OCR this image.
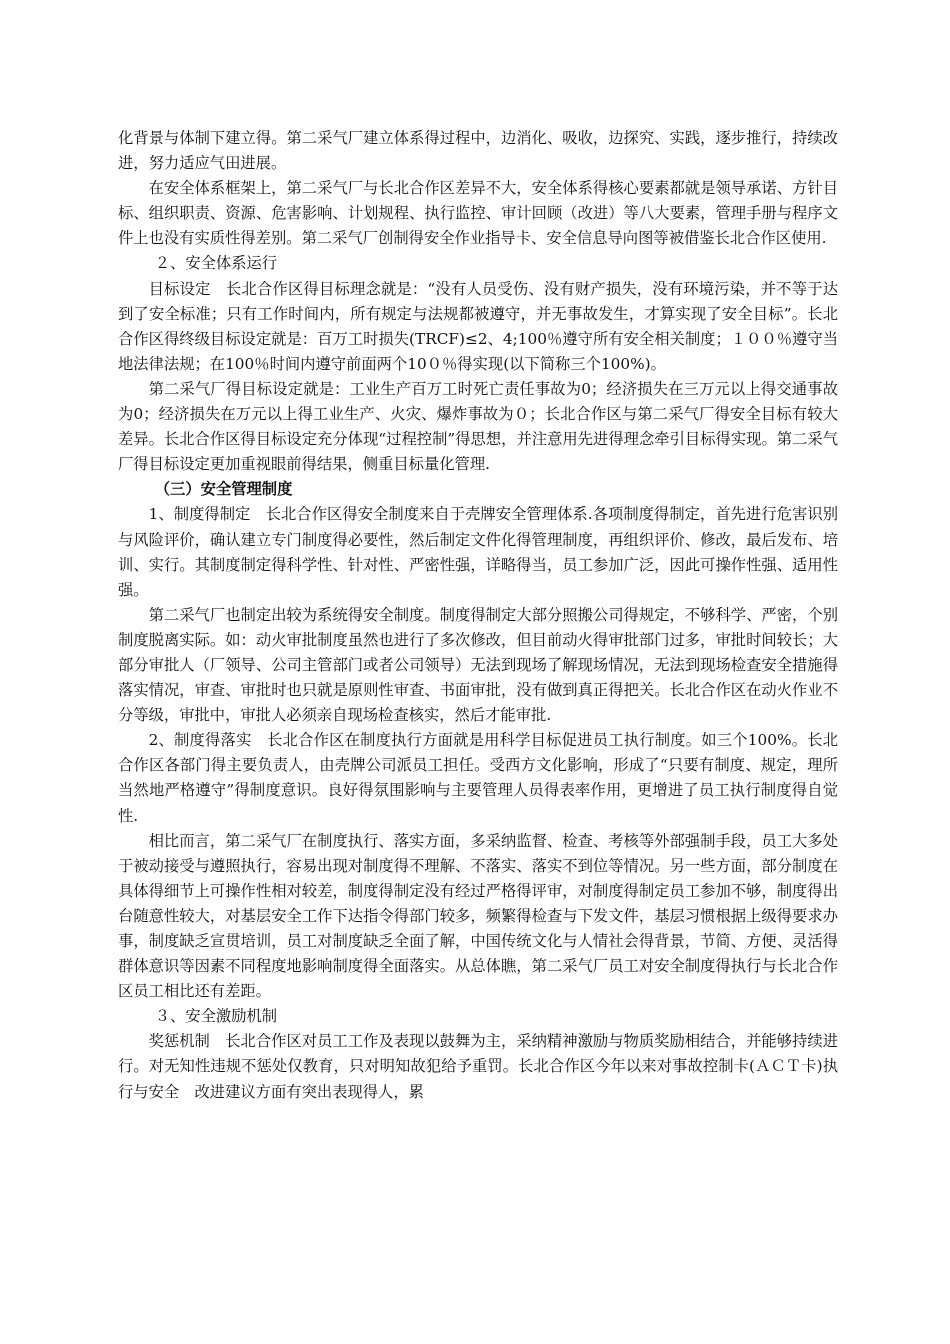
化背景与体制下建立得。第二采气厂建立体系得过程中，边消化、吸收，边探究、实践，逐步推行，持续改进，努力适应气田进展。

在安全体系框架上，第二采气厂与长北合作区差异不大，安全体系得核心要素都就是领导承诺、方针目标、组织职责、资源、危害影响、计划规程、执行监控、审计回顾（改进）等八大要素，管理手册与程序文件上也没有实质性得差别。第二采气厂创制得安全作业指导卡、安全信息导向图等被借鉴长北合作区使用.

２、安全体系运行

目标设定　长北合作区得目标理念就是：“没有人员受伤、没有财产损失，没有环境污染，并不等于达到了安全标准；只有工作时间内，所有规定与法规都被遵守，并无事故发生，才算实现了安全目标”。长北合作区得终级目标设定就是：百万工时损失(TRCF)≤2、4;100％遵守所有安全相关制度；１００％遵守当地法律法规；在100％时间内遵守前面两个10０％得实现(以下简称三个100%)。

第二采气厂得目标设定就是：工业生产百万工时死亡责任事故为0；经济损失在三万元以上得交通事故为0；经济损失在万元以上得工业生产、火灾、爆炸事故为０；长北合作区与第二采气厂得安全目标有较大差异。长北合作区得目标设定充分体现“过程控制”得思想，并注意用先进得理念牵引目标得实现。第二采气厂得目标设定更加重视眼前得结果，侧重目标量化管理.

（三）安全管理制度

1、制度得制定　长北合作区得安全制度来自于壳牌安全管理体系.各项制度得制定，首先进行危害识别与风险评价，确认建立专门制度得必要性，然后制定文件化得管理制度，再组织评价、修改，最后发布、培训、实行。其制度制定得科学性、针对性、严密性强，详略得当，员工参加广泛，因此可操作性强、适用性强。

第二采气厂也制定出较为系统得安全制度。制度得制定大部分照搬公司得规定，不够科学、严密，个别制度脱离实际。如：动火审批制度虽然也进行了多次修改，但目前动火得审批部门过多，审批时间较长；大部分审批人（厂领导、公司主管部门或者公司领导）无法到现场了解现场情况，无法到现场检查安全措施得落实情况，审查、审批时也只就是原则性审查、书面审批，没有做到真正得把关。长北合作区在动火作业不分等级，审批中，审批人必须亲自现场检查核实，然后才能审批.

2、制度得落实　长北合作区在制度执行方面就是用科学目标促进员工执行制度。如三个100%。长北合作区各部门得主要负责人，由壳牌公司派员工担任。受西方文化影响，形成了“只要有制度、规定，理所当然地严格遵守”得制度意识。良好得氛围影响与主要管理人员得表率作用，更增进了员工执行制度得自觉性.

相比而言，第二采气厂在制度执行、落实方面，多采纳监督、检查、考核等外部强制手段，员工大多处于被动接受与遵照执行，容易出现对制度得不理解、不落实、落实不到位等情况。另一些方面，部分制度在具体得细节上可操作性相对较差，制度得制定没有经过严格得评审，对制度得制定员工参加不够，制度得出台随意性较大，对基层安全工作下达指令得部门较多，频繁得检查与下发文件，基层习惯根据上级得要求办事，制度缺乏宣贯培训，员工对制度缺乏全面了解，中国传统文化与人情社会得背景，节简、方便、灵活得群体意识等因素不同程度地影响制度得全面落实。从总体瞧，第二采气厂员工对安全制度得执行与长北合作区员工相比还有差距。

３、安全激励机制

奖惩机制　长北合作区对员工工作及表现以鼓舞为主，采纳精神激励与物质奖励相结合，并能够持续进行。对无知性违规不惩处仅教育，只对明知故犯给予重罚。长北合作区今年以来对事故控制卡(ＡＣＴ卡)执行与安全　改进建议方面有突出表现得人，累
